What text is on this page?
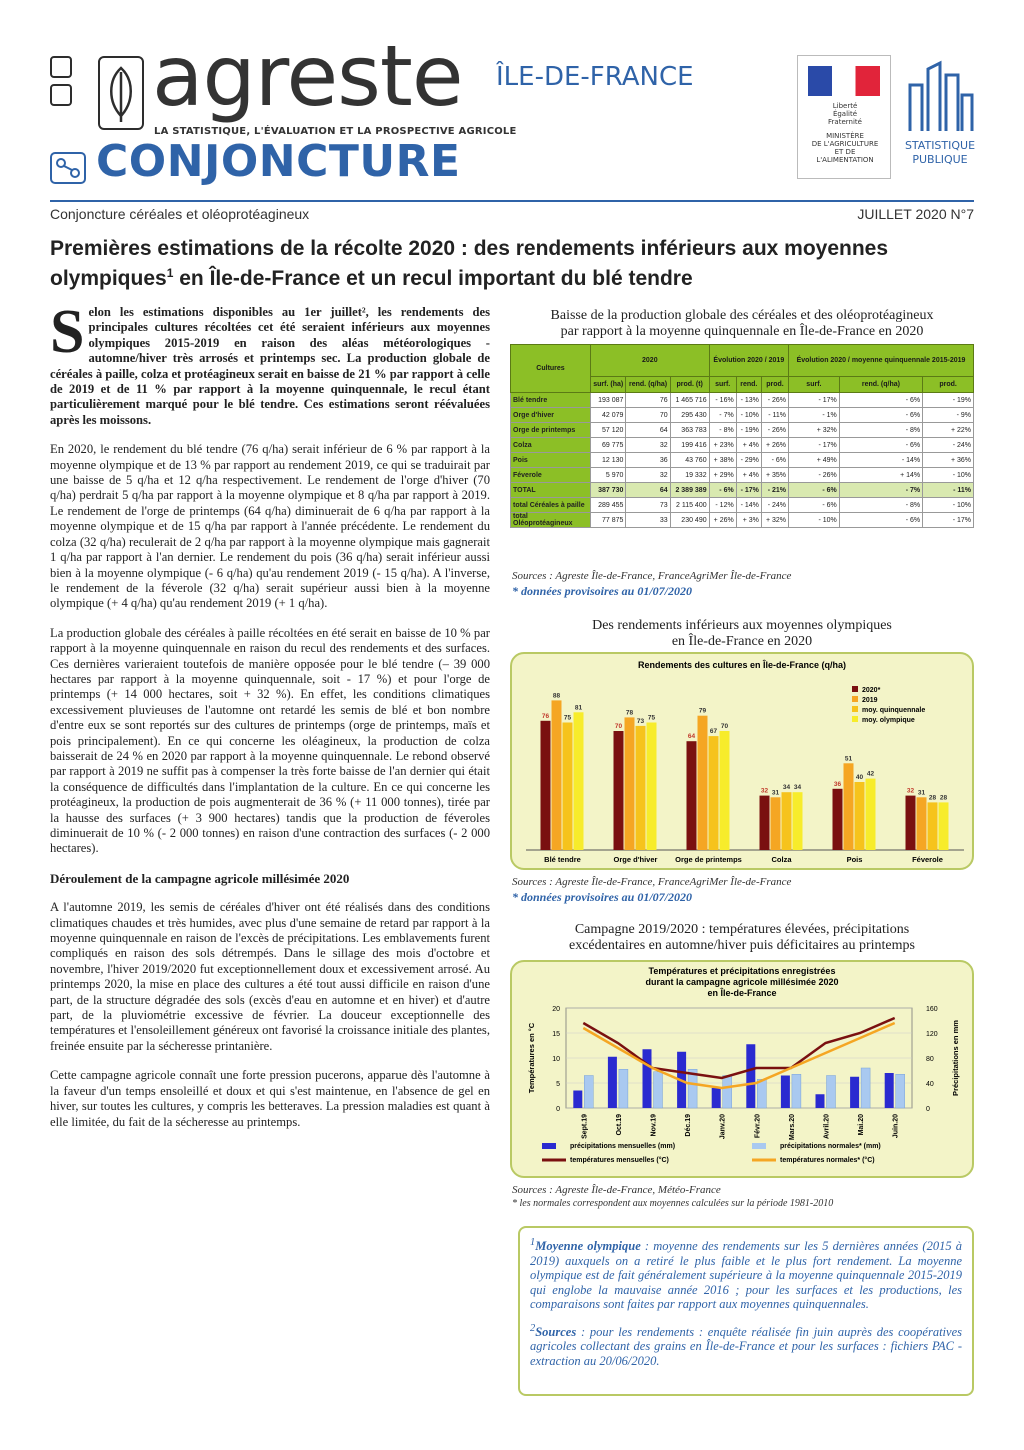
agreste
LA STATISTIQUE, L'ÉVALUATION ET LA PROSPECTIVE AGRICOLE
ÎLE-DE-FRANCE
CONJONCTURE
Liberté
Égalité
Fraternité
MINISTÈRE
DE L'AGRICULTURE
ET DE
L'ALIMENTATION
STATISTIQUE
PUBLIQUE
Conjoncture céréales et oléoprotéagineux	JUILLET 2020 N°7
Premières estimations de la récolte 2020 : des rendements inférieurs aux moyennes
olympiques$^1$ en Île-de-France et un recul important du blé tendre

Selon les estimations disponibles au 1er juillet², les rendements des principales cultures récoltées cet été seraient inférieurs aux moyennes olympiques 2015-2019 en raison des aléas météorologiques - automne/hiver très arrosés et printemps sec. La production globale de céréales à paille, colza et protéagineux serait en baisse de 21 % par rapport à celle de 2019 et de 11 % par rapport à la moyenne quinquennale, le recul étant particulièrement marqué pour le blé tendre. Ces estimations seront réévaluées après les moissons.

En 2020, le rendement du blé tendre (76 q/ha) serait inférieur de 6 % par rapport à la moyenne olympique et de 13 % par rapport au rendement 2019, ce qui se traduirait par une baisse de 5 q/ha et 12 q/ha respectivement. Le rendement de l'orge d'hiver (70 q/ha) perdrait 5 q/ha par rapport à la moyenne olympique et 8 q/ha par rapport à 2019. Le rendement de l'orge de printemps (64 q/ha) diminuerait de 6 q/ha par rapport à la moyenne olympique et de 15 q/ha par rapport à l'année précédente. Le rendement du colza (32 q/ha) reculerait de 2 q/ha par rapport à la moyenne olympique mais gagnerait 1 q/ha par rapport à l'an dernier. Le rendement du pois (36 q/ha) serait inférieur aussi bien à la moyenne olympique (- 6 q/ha) qu'au rendement 2019 (- 15 q/ha). A l'inverse, le rendement de la féverole (32 q/ha) serait supérieur aussi bien à la moyenne olympique (+ 4 q/ha) qu'au rendement 2019 (+ 1 q/ha).

La production globale des céréales à paille récoltées en été serait en baisse de 10 % par rapport à la moyenne quinquennale en raison du recul des rendements et des surfaces. Ces dernières varieraient toutefois de manière opposée pour le blé tendre (– 39 000 hectares par rapport à la moyenne quinquennale, soit - 17 %) et pour l'orge de printemps (+ 14 000 hectares, soit + 32 %). En effet, les conditions climatiques excessivement pluvieuses de l'automne ont retardé les semis de blé et bon nombre d'entre eux se sont reportés sur des cultures de printemps (orge de printemps, maïs et pois principalement). En ce qui concerne les oléagineux, la production de colza baisserait de 24 % en 2020 par rapport à la moyenne quinquennale. Le rebond observé par rapport à 2019 ne suffit pas à compenser la très forte baisse de l'an dernier qui était la conséquence de difficultés dans l'implantation de la culture. En ce qui concerne les protéagineux, la production de pois augmenterait de 36 % (+ 11 000 tonnes), tirée par la hausse des surfaces (+ 3 900 hectares) tandis que la production de féveroles diminuerait de 10 % (- 2 000 tonnes) en raison d'une contraction des surfaces (- 2 000 hectares).

Déroulement de la campagne agricole millésimée 2020

A l'automne 2019, les semis de céréales d'hiver ont été réalisés dans des conditions climatiques chaudes et très humides, avec plus d'une semaine de retard par rapport à la moyenne quinquennale en raison de l'excès de précipitations. Les emblavements furent compliqués en raison des sols détrempés. Dans le sillage des mois d'octobre et novembre, l'hiver 2019/2020 fut exceptionnellement doux et excessivement arrosé. Au printemps 2020, la mise en place des cultures a été tout aussi difficile en raison d'une part, de la structure dégradée des sols (excès d'eau en automne et en hiver) et d'autre part, de la pluviométrie excessive de février. La douceur exceptionnelle des températures et l'ensoleillement généreux ont favorisé la croissance initiale des plantes, freinée ensuite par la sécheresse printanière.

Cette campagne agricole connaît une forte pression pucerons, apparue dès l'automne à la faveur d'un temps ensoleillé et doux et qui s'est maintenue, en l'absence de gel en hiver, sur toutes les cultures, y compris les betteraves. La pression maladies est quant à elle limitée, du fait de la sécheresse au printemps.

Baisse de la production globale des céréales et des oléoprotéagineux
par rapport à la moyenne quinquennale en Île-de-France en 2020
Cultures	2020			Évolution 2020 / 2019			Évolution 2020 / moyenne quinquennale 2015-2019		
	surf. (ha)	rend. (q/ha)	prod. (t)	surf.	rend.	prod.	surf.	rend. (q/ha)	prod.
Blé tendre	193 087	76	1 465 716	- 16%	- 13%	- 26%	- 17%	- 6%	- 19%
Orge d'hiver	42 079	70	295 430	- 7%	- 10%	- 11%	- 1%	- 6%	- 9%
Orge de printemps	57 120	64	363 783	- 8%	- 19%	- 26%	+ 32%	- 8%	+ 22%
Colza	69 775	32	199 416	+ 23%	+ 4%	+ 26%	- 17%	- 6%	- 24%
Pois	12 130	36	43 760	+ 38%	- 29%	- 6%	+ 49%	- 14%	+ 36%
Féverole	5 970	32	19 332	+ 29%	+ 4%	+ 35%	- 26%	+ 14%	- 10%
TOTAL	387 730	64	2 389 389	- 6%	- 17%	- 21%	- 6%	- 7%	- 11%
total Céréales à paille	289 455	73	2 115 400	- 12%	- 14%	- 24%	- 6%	- 8%	- 10%
total Oléoprotéagineux	77 875	33	230 490	+ 26%	+ 3%	+ 32%	- 10%	- 6%	- 17%
Sources : Agreste Île-de-France, FranceAgriMer Île-de-France
* données provisoires au 01/07/2020
Des rendements inférieurs aux moyennes olympiques
en Île-de-France en 2020
Rendements des cultures en Île-de-France (q/ha)
76
88
75
81
Blé tendre
70
78
73 75
Orge d'hiver
64
79
67
70
Orge de printemps
32 31
34 34
Colza
36
51
40 42
Pois
32 31
28 28
Féverole
2020*
2019
moy. quinquennale
moy. olympique
Sources : Agreste Île-de-France, FranceAgriMer Île-de-France
* données provisoires au 01/07/2020
Campagne 2019/2020 : températures élevées, précipitations
excédentaires en automne/hiver puis déficitaires au printemps
Températures et précipitations enregistrées
durant la campagne agricole millésimée 2020
en Île-de-France
0
5
10
15
20
0
40
80
120
160
Températures en °C	Précipitations en mm
Sept.19	Oct.19	Nov.19	Déc.19	Janv.20	Févr.20	Mars.20	Avril.20	Mai.20	Juin.20
précipitations mensuelles (mm)	précipitations normales* (mm)
températures mensuelles (°C)	températures normales* (°C)
Sources : Agreste Île-de-France, Météo-France
* les normales correspondent aux moyennes calculées sur la période 1981-2010

$^1$Moyenne olympique : moyenne des rendements sur les 5 dernières années (2015 à 2019) auxquels on a retiré le plus faible et le plus fort rendement. La moyenne olympique est de fait généralement supérieure à la moyenne quinquennale 2015-2019 qui englobe la mauvaise année 2016 ; pour les surfaces et les productions, les comparaisons sont faites par rapport aux moyennes quinquennales.

$^2$Sources : pour les rendements : enquête réalisée fin juin auprès des coopératives agricoles collectant des grains en Île-de-France et pour les surfaces : fichiers PAC - extraction au 20/06/2020.
